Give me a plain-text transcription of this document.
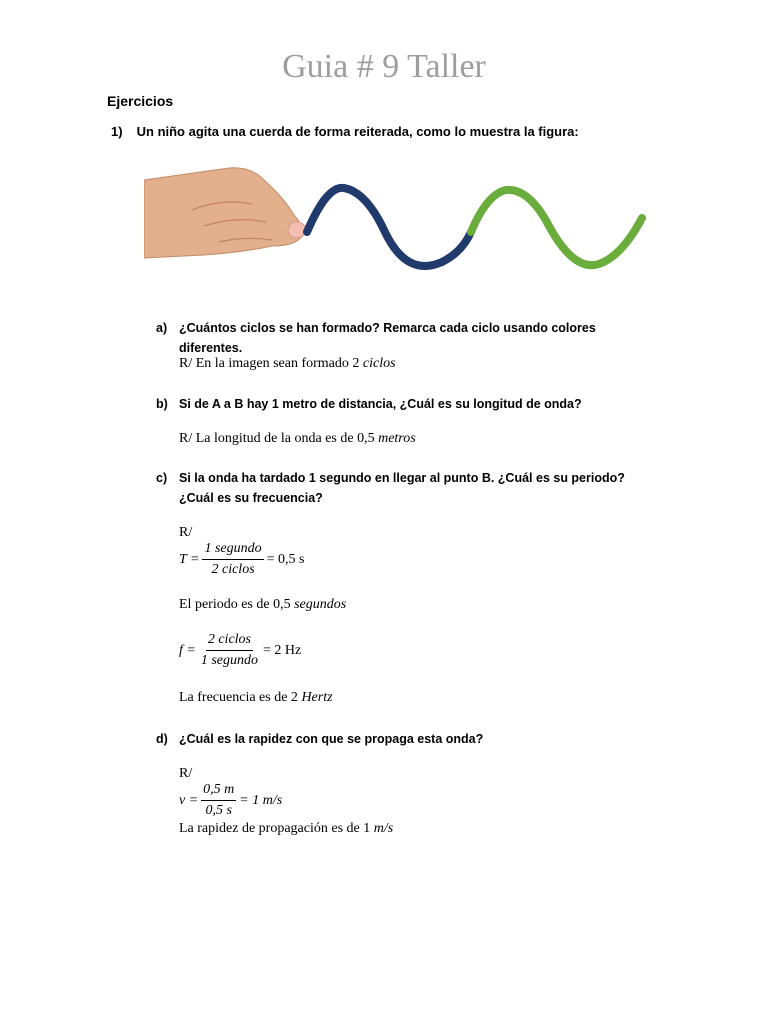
Guia # 9 Taller
Ejercicios
1) Un niño agita una cuerda de forma reiterada, como lo muestra la figura:
a) ¿Cuántos ciclos se han formado? Remarca cada ciclo usando colores diferentes.
R/ En la imagen sean formado 2 ciclos
b) Si de A a B hay 1 metro de distancia, ¿Cuál es su longitud de onda?
R/ La longitud de la onda es de 0,5 metros
c) Si la onda ha tardado 1 segundo en llegar al punto B. ¿Cuál es su periodo? ¿Cuál es su frecuencia?
R/
$T = \frac{\text{1 segundo}}{\text{2 ciclos}} = 0,5$ s
El periodo es de 0,5 segundos
$f = \frac{\text{2 ciclos}}{\text{1 segundo}} = 2$ Hz
La frecuencia es de 2 Hertz
d) ¿Cuál es la rapidez con que se propaga esta onda?
R/
$v = \frac{0,5 m}{0,5 s} = 1$ m/s
La rapidez de propagación es de 1 m/s
